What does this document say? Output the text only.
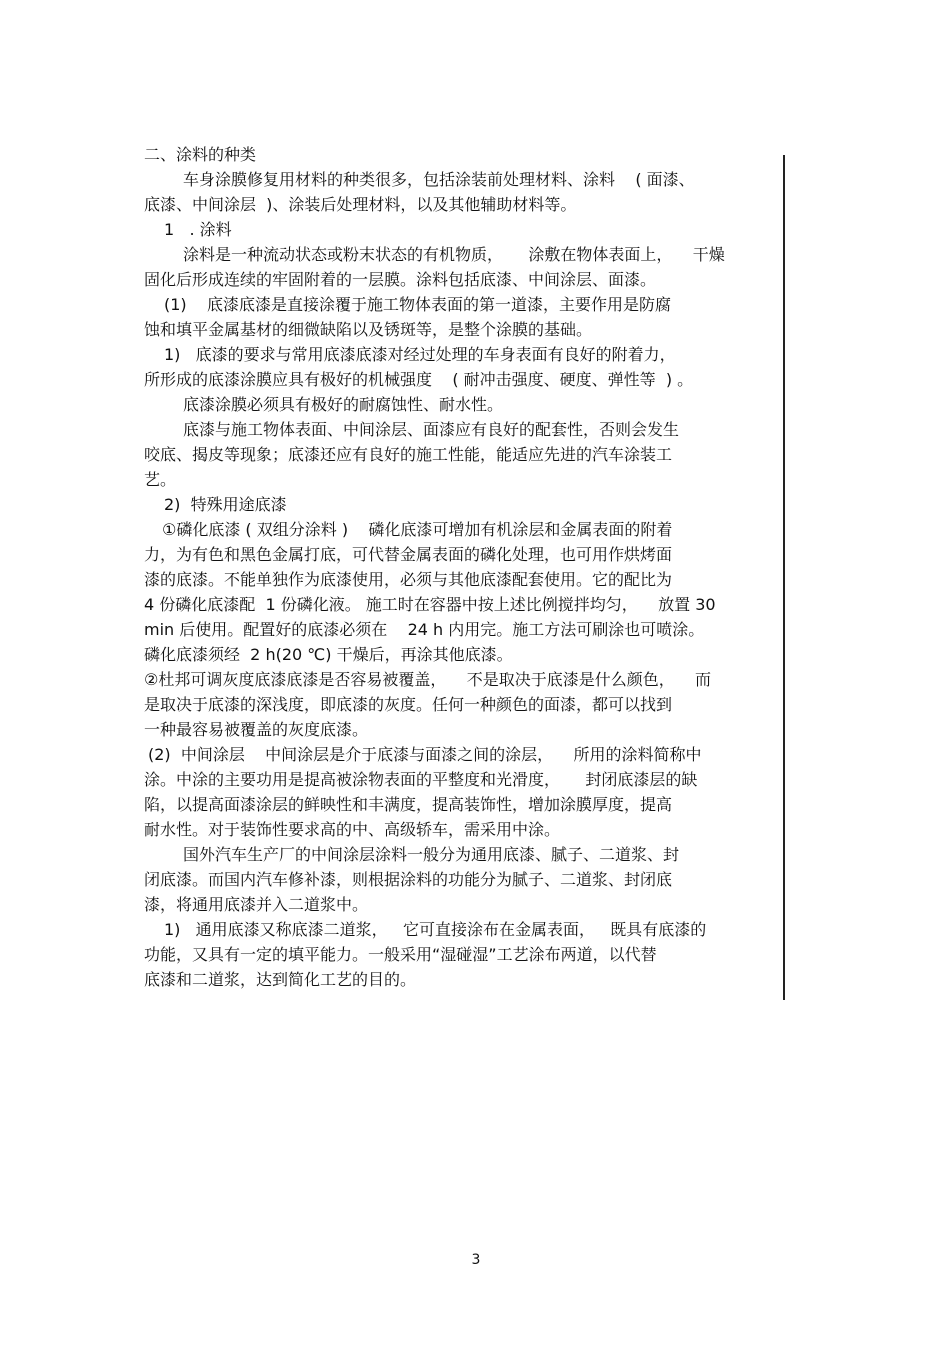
二、涂料的种类
车身涂膜修复用材料的种类很多，包括涂装前处理材料、涂料    ( 面漆、
底漆、中间涂层  )、涂装后处理材料，以及其他辅助材料等。
1   . 涂料
涂料是一种流动状态或粉末状态的有机物质，     涂敷在物体表面上，    干燥
固化后形成连续的牢固附着的一层膜。涂料包括底漆、中间涂层、面漆。
(1)    底漆底漆是直接涂覆于施工物体表面的第一道漆，主要作用是防腐
蚀和填平金属基材的细微缺陷以及锈斑等，是整个涂膜的基础。
1)   底漆的要求与常用底漆底漆对经过处理的车身表面有良好的附着力，
所形成的底漆涂膜应具有极好的机械强度    ( 耐冲击强度、硬度、弹性等  ) 。
底漆涂膜必须具有极好的耐腐蚀性、耐水性。
底漆与施工物体表面、中间涂层、面漆应有良好的配套性，否则会发生
咬底、揭皮等现象；底漆还应有良好的施工性能，能适应先进的汽车涂装工
艺。
2)  特殊用途底漆
①磷化底漆 ( 双组分涂料 )    磷化底漆可增加有机涂层和金属表面的附着
力，为有色和黑色金属打底，可代替金属表面的磷化处理，也可用作烘烤面
漆的底漆。不能单独作为底漆使用，必须与其他底漆配套使用。它的配比为
4 份磷化底漆配  1 份磷化液。 施工时在容器中按上述比例搅拌均匀，    放置 30
min 后使用。配置好的底漆必须在    24 h 内用完。施工方法可刷涂也可喷涂。
磷化底漆须经  2 h(20 ℃) 干燥后，再涂其他底漆。
②杜邦可调灰度底漆底漆是否容易被覆盖，    不是取决于底漆是什么颜色，    而
是取决于底漆的深浅度，即底漆的灰度。任何一种颜色的面漆，都可以找到
一种最容易被覆盖的灰度底漆。
(2)  中间涂层    中间涂层是介于底漆与面漆之间的涂层，    所用的涂料简称中
涂。中涂的主要功用是提高被涂物表面的平整度和光滑度，     封闭底漆层的缺
陷，以提高面漆涂层的鲜映性和丰满度，提高装饰性，增加涂膜厚度，提高
耐水性。对于装饰性要求高的中、高级轿车，需采用中涂。
国外汽车生产厂的中间涂层涂料一般分为通用底漆、腻子、二道浆、封
闭底漆。而国内汽车修补漆，则根据涂料的功能分为腻子、二道浆、封闭底
漆，将通用底漆并入二道浆中。
1)   通用底漆又称底漆二道浆，   它可直接涂布在金属表面，   既具有底漆的
功能，又具有一定的填平能力。一般采用“湿碰湿”工艺涂布两道，以代替
底漆和二道浆，达到简化工艺的目的。
3
